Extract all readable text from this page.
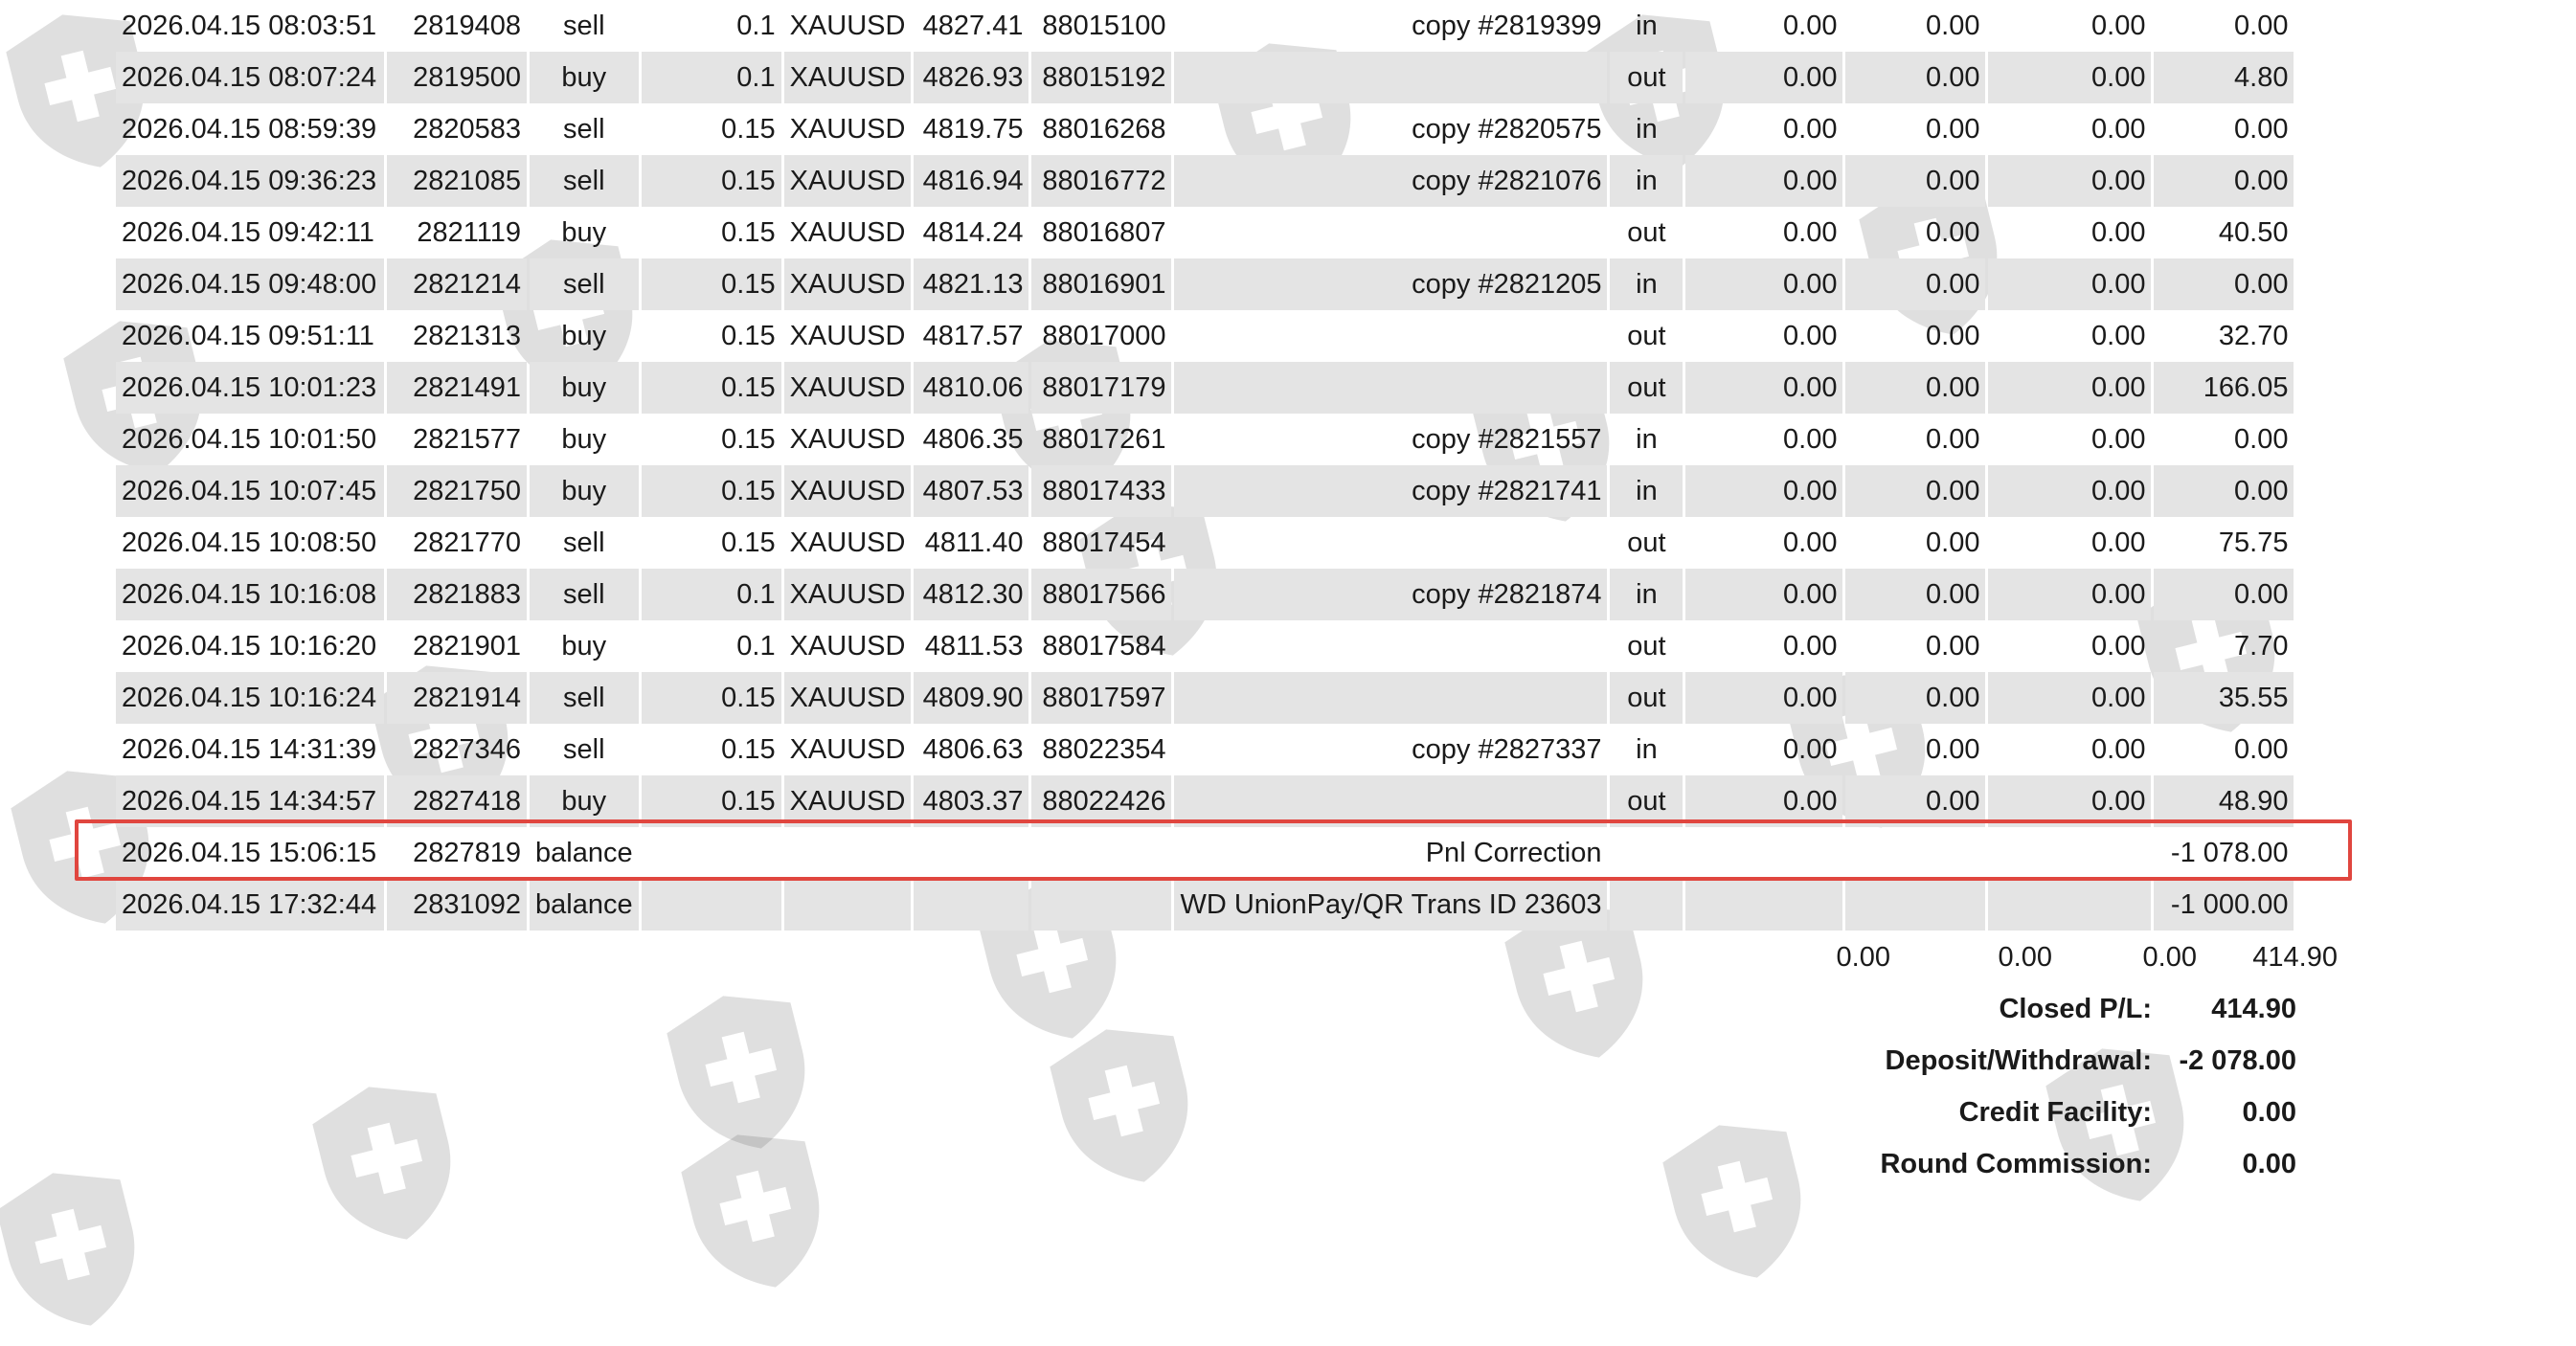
2026.04.15 08:03:51	2819408	sell	0.1	XAUUSD	4827.41	88015100	copy #2819399	in	0.00	0.00	0.00	0.00
2026.04.15 08:07:24	2819500	buy	0.1	XAUUSD	4826.93	88015192		out	0.00	0.00	0.00	4.80
2026.04.15 08:59:39	2820583	sell	0.15	XAUUSD	4819.75	88016268	copy #2820575	in	0.00	0.00	0.00	0.00
2026.04.15 09:36:23	2821085	sell	0.15	XAUUSD	4816.94	88016772	copy #2821076	in	0.00	0.00	0.00	0.00
2026.04.15 09:42:11	2821119	buy	0.15	XAUUSD	4814.24	88016807		out	0.00	0.00	0.00	40.50
2026.04.15 09:48:00	2821214	sell	0.15	XAUUSD	4821.13	88016901	copy #2821205	in	0.00	0.00	0.00	0.00
2026.04.15 09:51:11	2821313	buy	0.15	XAUUSD	4817.57	88017000		out	0.00	0.00	0.00	32.70
2026.04.15 10:01:23	2821491	buy	0.15	XAUUSD	4810.06	88017179		out	0.00	0.00	0.00	166.05
2026.04.15 10:01:50	2821577	buy	0.15	XAUUSD	4806.35	88017261	copy #2821557	in	0.00	0.00	0.00	0.00
2026.04.15 10:07:45	2821750	buy	0.15	XAUUSD	4807.53	88017433	copy #2821741	in	0.00	0.00	0.00	0.00
2026.04.15 10:08:50	2821770	sell	0.15	XAUUSD	4811.40	88017454		out	0.00	0.00	0.00	75.75
2026.04.15 10:16:08	2821883	sell	0.1	XAUUSD	4812.30	88017566	copy #2821874	in	0.00	0.00	0.00	0.00
2026.04.15 10:16:20	2821901	buy	0.1	XAUUSD	4811.53	88017584		out	0.00	0.00	0.00	7.70
2026.04.15 10:16:24	2821914	sell	0.15	XAUUSD	4809.90	88017597		out	0.00	0.00	0.00	35.55
2026.04.15 14:31:39	2827346	sell	0.15	XAUUSD	4806.63	88022354	copy #2827337	in	0.00	0.00	0.00	0.00
2026.04.15 14:34:57	2827418	buy	0.15	XAUUSD	4803.37	88022426		out	0.00	0.00	0.00	48.90
2026.04.15 15:06:15	2827819	balance					Pnl Correction					-1 078.00
2026.04.15 17:32:44	2831092	balance					WD UnionPay/QR Trans ID 23603					-1 000.00
0.00	0.00	0.00	414.90
Closed P/L: 414.90
Deposit/Withdrawal: -2 078.00
Credit Facility:	0.00
Round Commission:	0.00
